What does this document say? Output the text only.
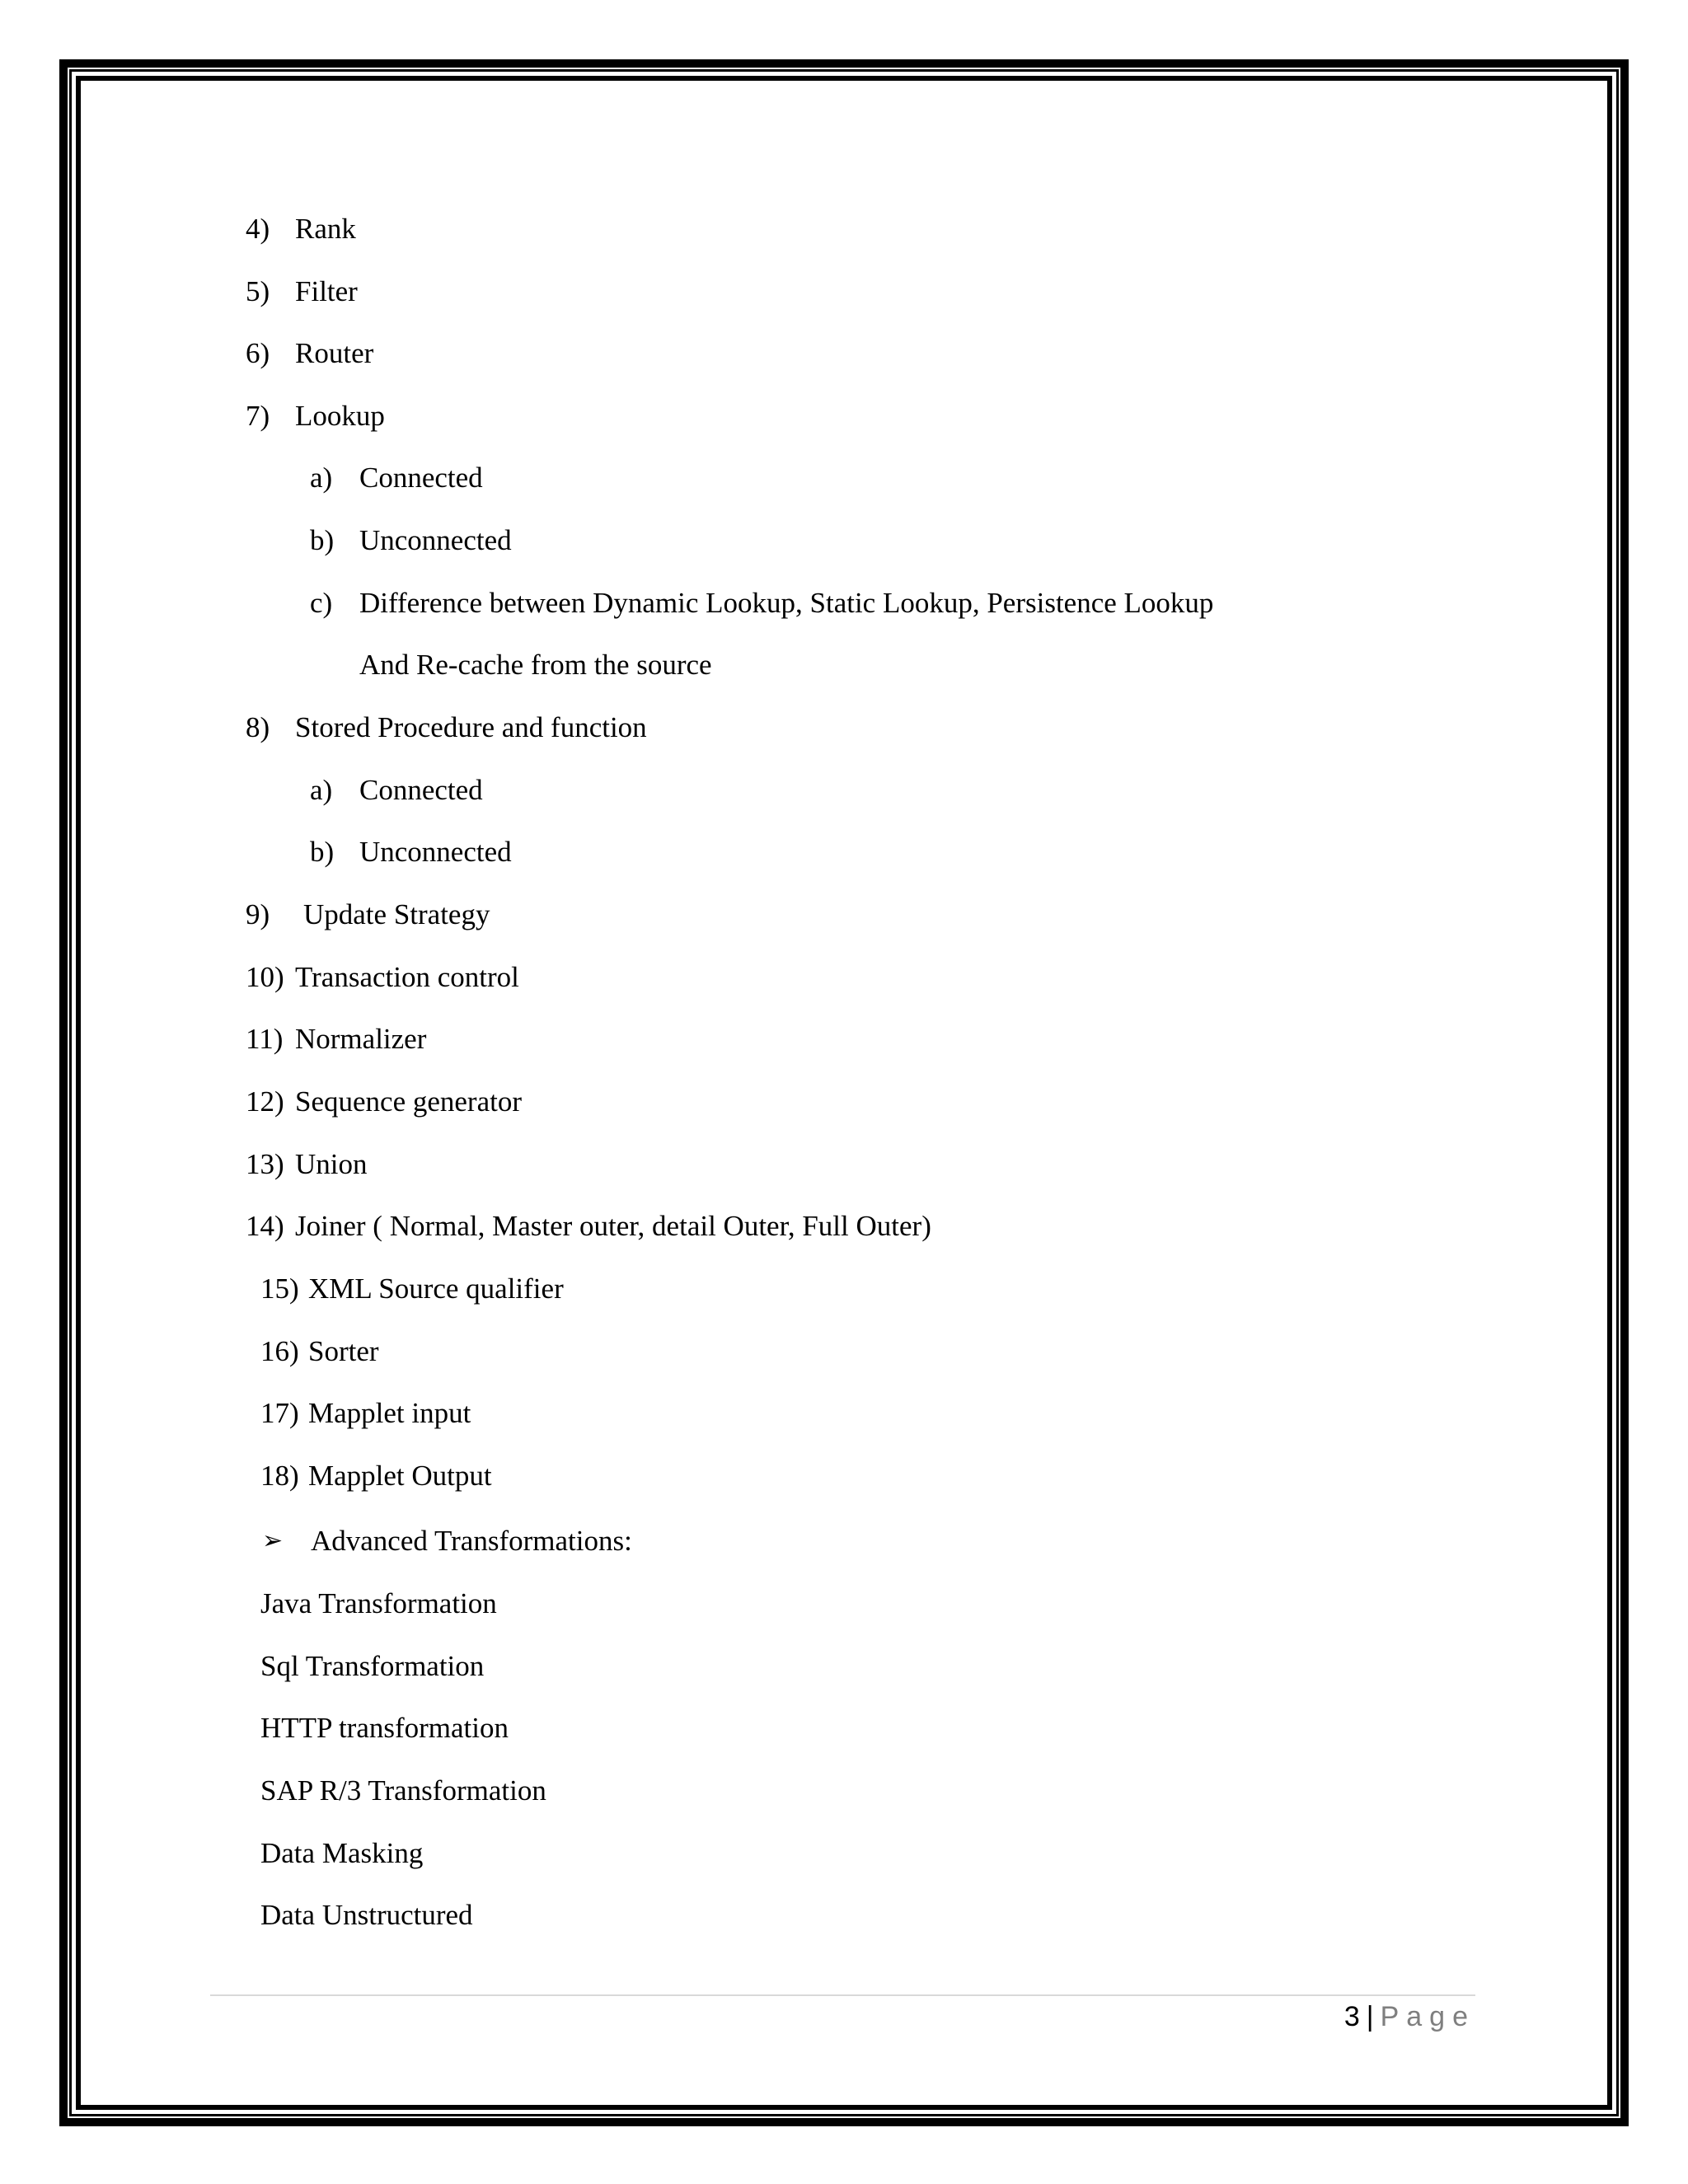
4) Rank
5) Filter
6) Router
7) Lookup
a) Connected
b) Unconnected
c) Difference between Dynamic Lookup, Static Lookup, Persistence Lookup
And Re-cache from the source
8) Stored Procedure and function
a) Connected
b) Unconnected
9) Update Strategy
10) Transaction control
11) Normalizer
12) Sequence generator
13) Union
14) Joiner ( Normal, Master outer, detail Outer, Full Outer)
15) XML Source qualifier
16) Sorter
17) Mapplet input
18) Mapplet Output
➢ Advanced Transformations:
Java Transformation
Sql Transformation
HTTP transformation
SAP R/3 Transformation
Data Masking
Data Unstructured
3 | Page
